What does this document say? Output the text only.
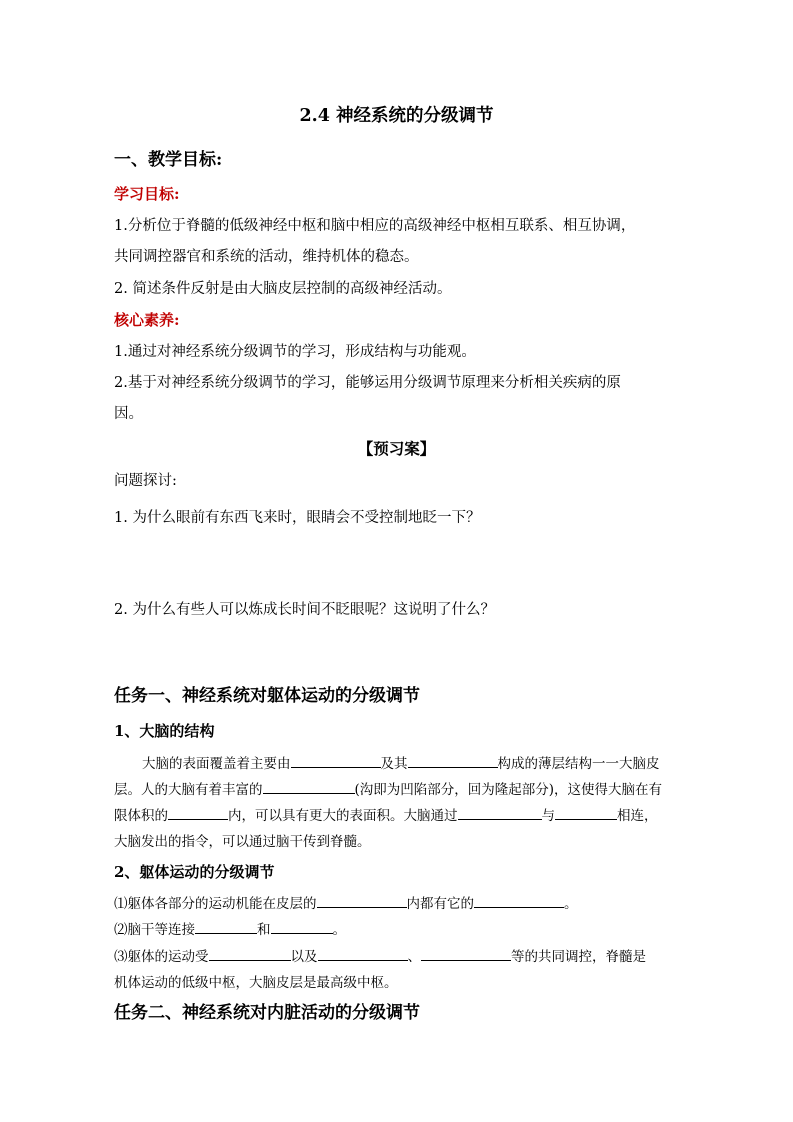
2.4 神经系统的分级调节
一、教学目标:
学习目标:
1.分析位于脊髓的低级神经中枢和脑中相应的高级神经中枢相互联系、相互协调，
共同调控器官和系统的活动，维持机体的稳态。
2. 简述条件反射是由大脑皮层控制的高级神经活动。
核心素养:
1.通过对神经系统分级调节的学习，形成结构与功能观。
2.基于对神经系统分级调节的学习，能够运用分级调节原理来分析相关疾病的原
因。
【预习案】
问题探讨:
1. 为什么眼前有东西飞来时，眼睛会不受控制地眨一下？
2. 为什么有些人可以炼成长时间不眨眼呢？这说明了什么？
任务一、神经系统对躯体运动的分级调节
1、大脑的结构
大脑的表面覆盖着主要由	及其	构成的薄层结构一一大脑皮
层。人的大脑有着丰富的	(沟即为凹陷部分，回为隆起部分)，这使得大脑在有
限体积的	内，可以具有更大的表面积。大脑通过	与	相连，
大脑发出的指令，可以通过脑干传到脊髓。
2、躯体运动的分级调节
⑴躯体各部分的运动机能在皮层的	内都有它的	。
⑵脑干等连接	和	。
⑶躯体的运动受	以及	、	等的共同调控，脊髓是
机体运动的低级中枢，大脑皮层是最高级中枢。
任务二、神经系统对内脏活动的分级调节
